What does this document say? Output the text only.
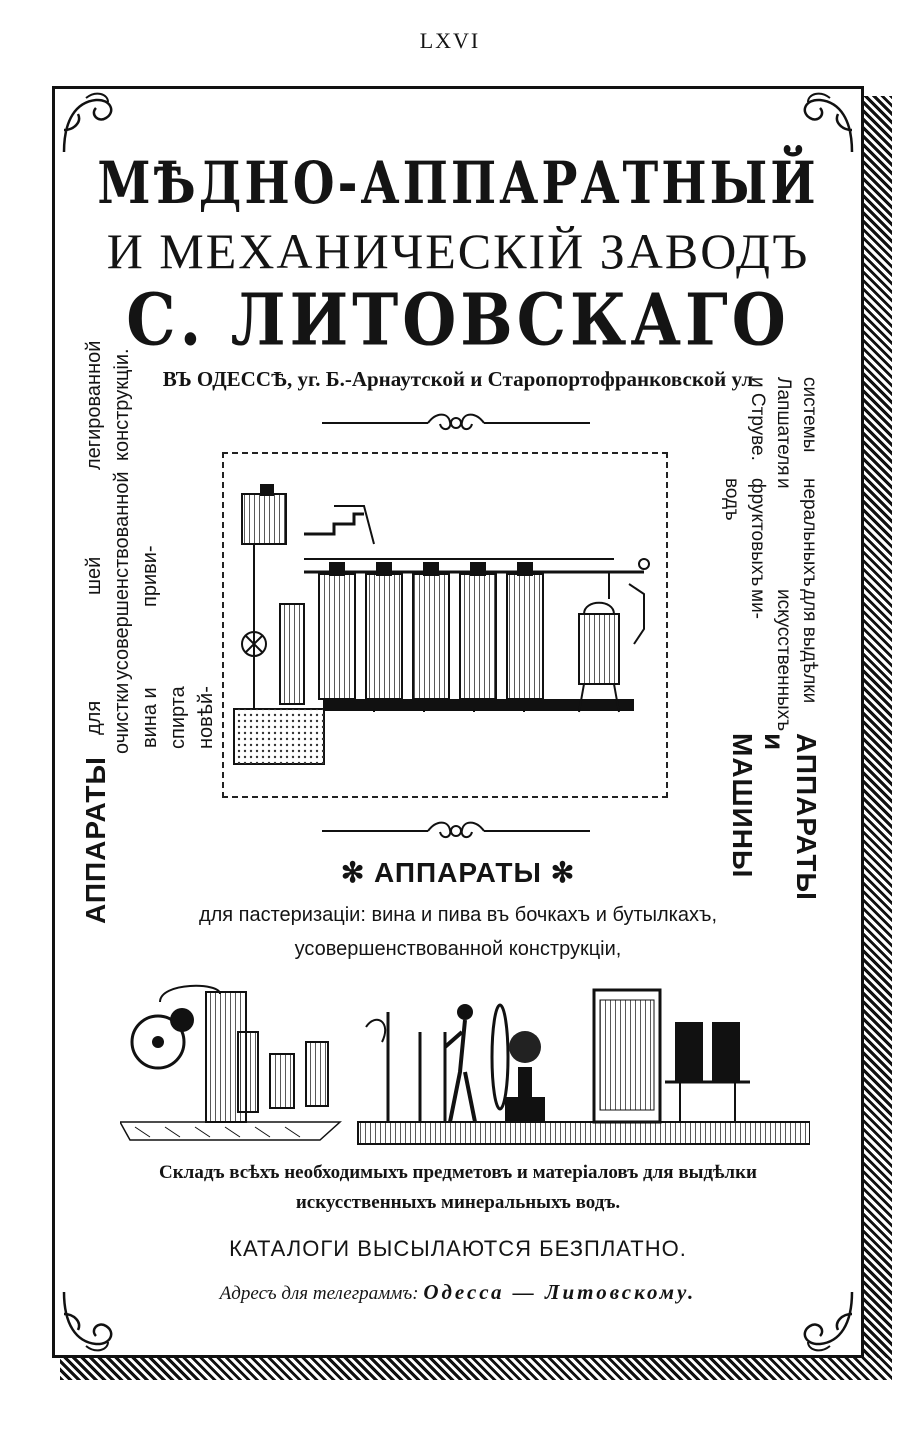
LXVI
МѢДНО-АППАРАТНЫЙ
И МЕХАНИЧЕСКІЙ ЗАВОДЪ
С. ЛИТОВСКАГО
ВЪ ОДЕССѢ, уг. Б.-Арнаутской и Старопортофранковской ул
АППАРАТЫ
для очистки вина и спирта новѣй-
шей усовершенствованной приви-
легированной конструкціи.
АППАРАТЫ и МАШИНЫ
для выдѣлки искусственныхъ ми-
неральныхъ и фруктовыхъ водъ
системы Лапшателя и Струве.
✻ АППАРАТЫ ✻
для пастеризаціи: вина и пива въ бочкахъ и бутылкахъ,
усовершенствованной конструкціи,
Складъ всѣхъ необходимыхъ предметовъ и матеріаловъ для выдѣлки
искусственныхъ минеральныхъ водъ.
КАТАЛОГИ ВЫСЫЛАЮТСЯ БЕЗПЛАТНО.
Адресъ для телеграммъ: Одесса — Литовскому.
